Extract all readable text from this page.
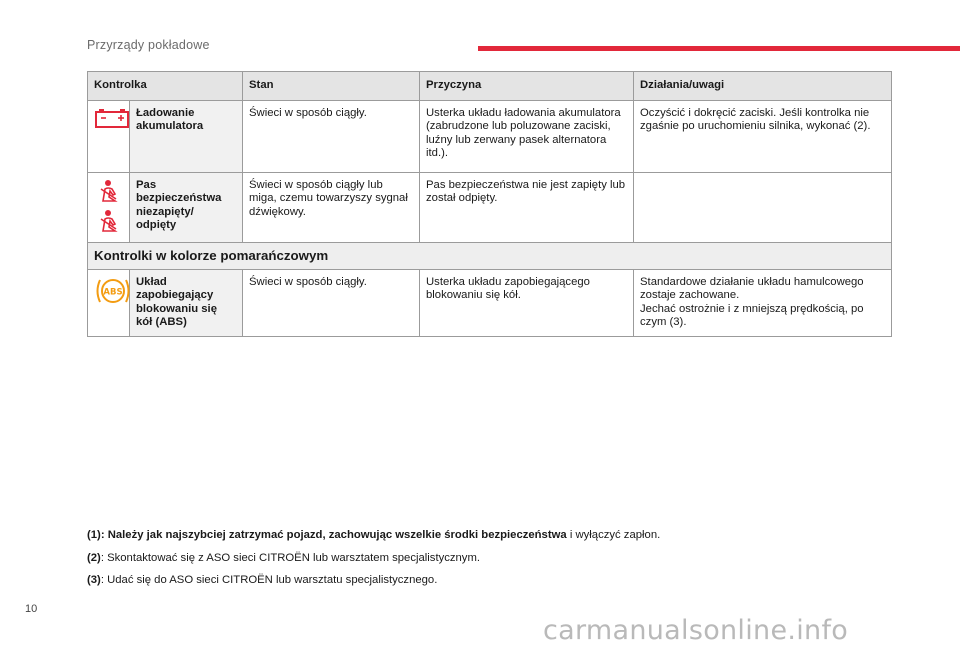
Przyrządy pokładowe
Kontrolka		Stan	Przyczyna	Działania/uwagi

	Ładowanie akumulatora	Świeci w sposób ciągły.	Usterka układu ładowania akumulatora (zabrudzone lub poluzowane zaciski, luźny lub zerwany pasek alternatora itd.).	Oczyścić i dokręcić zaciski. Jeśli kontrolka nie zgaśnie po uruchomieniu silnika, wykonać (2).

	Pas bezpieczeństwa niezapięty/ odpięty	Świeci w sposób ciągły lub miga, czemu towarzyszy sygnał dźwiękowy.	Pas bezpieczeństwa nie jest zapięty lub został odpięty.	
Kontrolki w kolorze pomarańczowym				

ABS	Układ zapobiegający blokowaniu się kół (ABS)	Świeci w sposób ciągły.	Usterka układu zapobiegającego blokowaniu się kół.	Standardowe działanie układu hamulcowego zostaje zachowane.
Jechać ostrożnie i z mniejszą prędkością, po czym (3).

(1): Należy jak najszybciej zatrzymać pojazd, zachowując wszelkie środki bezpieczeństwa i wyłączyć zapłon.

(2): Skontaktować się z ASO sieci CITROËN lub warsztatem specjalistycznym.

(3): Udać się do ASO sieci CITROËN lub warsztatu specjalistycznego.

10
carmanualsonline.info
